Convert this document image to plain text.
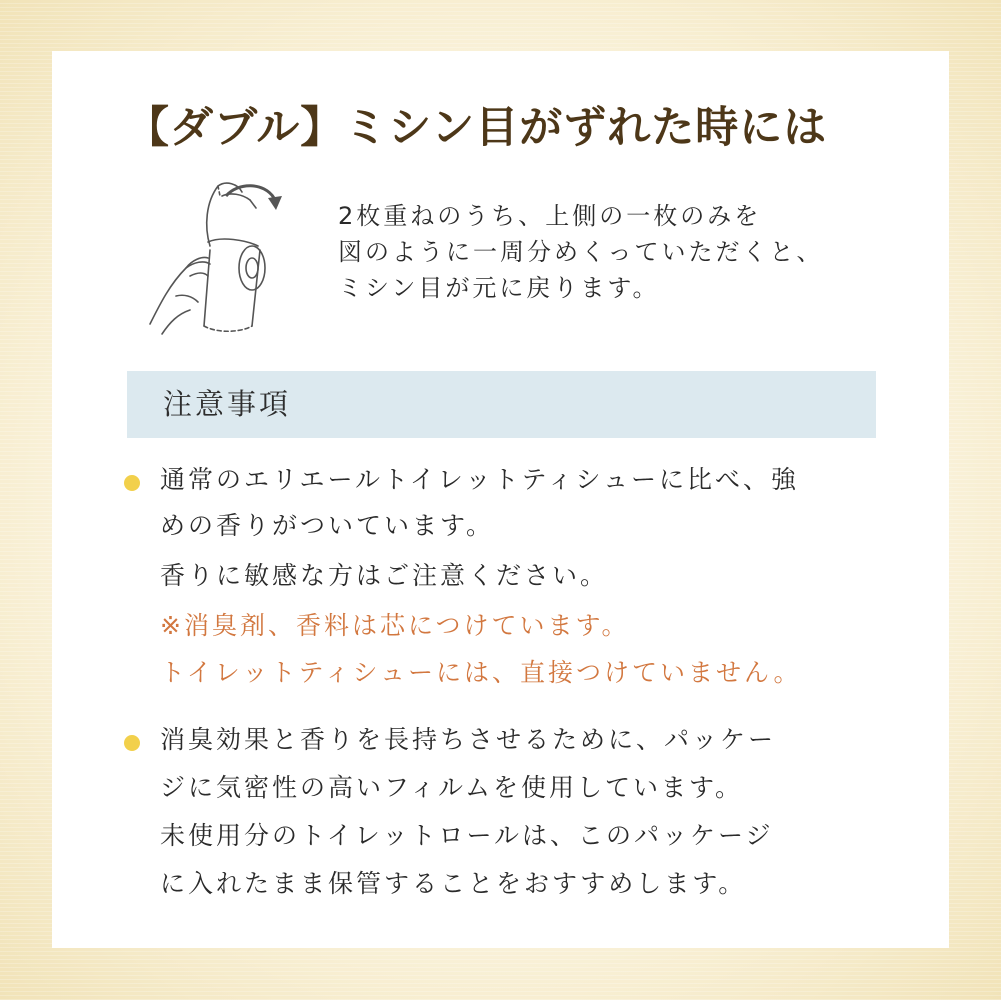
【ダブル】ミシン目がずれた時には
2枚重ねのうち、上側の一枚のみを
図のように一周分めくっていただくと、
ミシン目が元に戻ります。
注意事項
通常のエリエールトイレットティシューに比べ、強
めの香りがついています。
香りに敏感な方はご注意ください。
※消臭剤、香料は芯につけています。
トイレットティシューには、直接つけていません。
消臭効果と香りを長持ちさせるために、パッケー
ジに気密性の高いフィルムを使用しています。
未使用分のトイレットロールは、このパッケージ
に入れたまま保管することをおすすめします。
